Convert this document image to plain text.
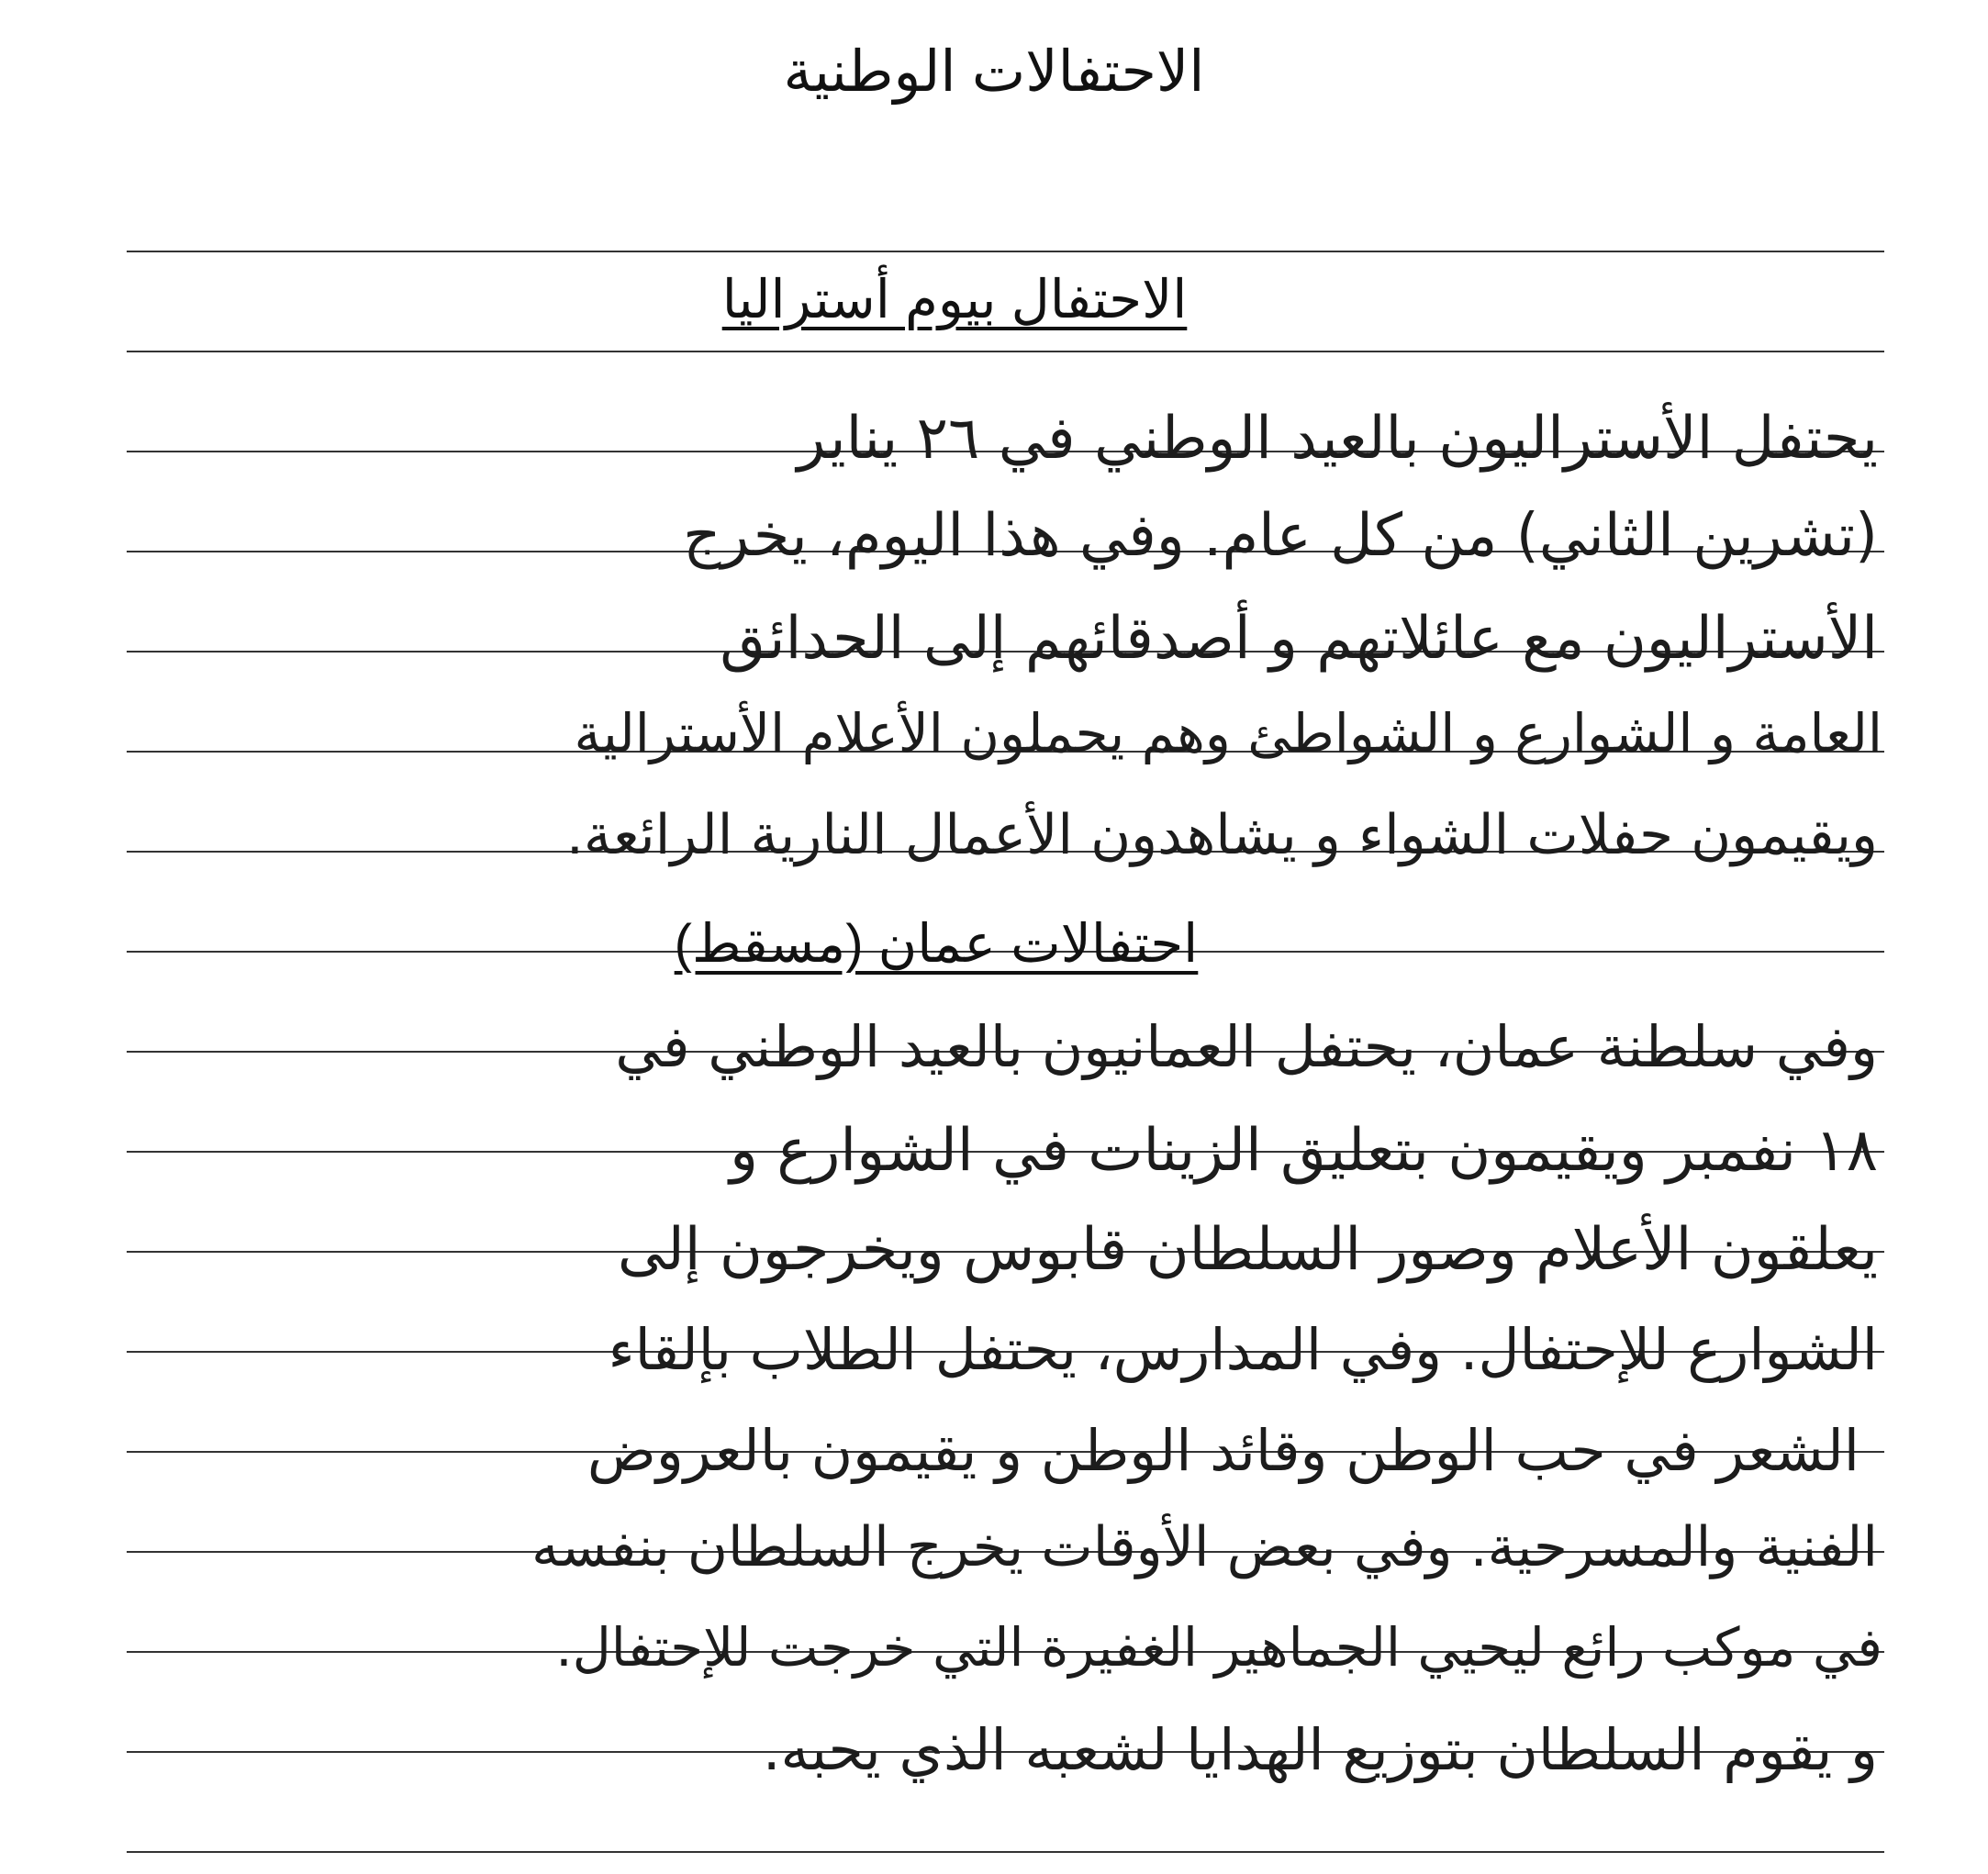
الاحتفالات الوطنية
الاحتفال بيوم أستراليا
يحتفل الأستراليون بالعيد الوطني في ٢٦ يناير
(تشرين الثاني) من كل عام. وفي هذا اليوم، يخرج
الأستراليون مع عائلاتهم و أصدقائهم إلى الحدائق
العامة و الشوارع و الشواطئ وهم يحملون الأعلام الأسترالية
ويقيمون حفلات الشواء و يشاهدون الأعمال النارية الرائعة.
احتفالات عمان (مسقط)
وفي سلطنة عمان، يحتفل العمانيون بالعيد الوطني في
١٨ نفمبر ويقيمون بتعليق الزينات في الشوارع و
يعلقون الأعلام وصور السلطان قابوس ويخرجون إلى
الشوارع للإحتفال. وفي المدارس، يحتفل الطلاب بإلقاء
الشعر في حب الوطن وقائد الوطن و يقيمون بالعروض
الفنية والمسرحية. وفي بعض الأوقات يخرج السلطان بنفسه
في موكب رائع ليحيي الجماهير الغفيرة التي خرجت للإحتفال.
و يقوم السلطان بتوزيع الهدايا لشعبه الذي يحبه.
